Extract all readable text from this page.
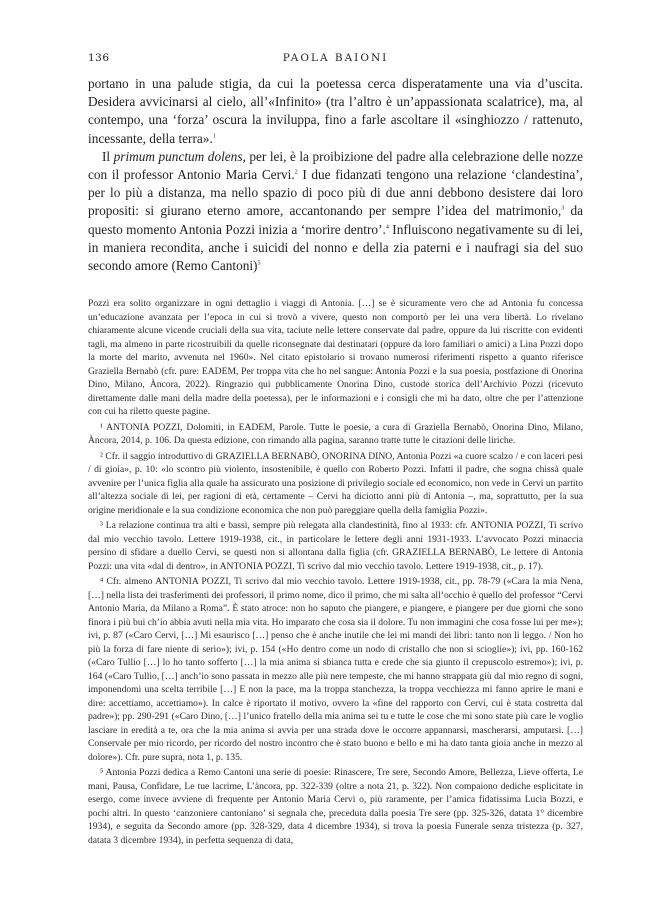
136	PAOLA BAIONI

portano in una palude stigia, da cui la poetessa cerca disperatamente una via d’uscita. Desidera avvicinarsi al cielo, all’«Infinito» (tra l’altro è un’appassionata scalatrice), ma, al contempo, una ‘forza’ oscura la inviluppa, fino a farle ascoltare il «singhiozzo / rattenuto, incessante, della terra».$^1$

Il primum punctum dolens, per lei, è la proibizione del padre alla celebrazione delle nozze con il professor Antonio Maria Cervi.$^2$ I due fidanzati tengono una relazione ‘clandestina’, per lo più a distanza, ma nello spazio di poco più di due anni debbono desistere dai loro propositi: si giurano eterno amore, accantonando per sempre l’idea del matrimonio,$^3$ da questo momento Antonia Pozzi inizia a ‘morire dentro’.$^4$ Influiscono negativamente su di lei, in maniera recondita, anche i suicidi del nonno e della zia paterni e i naufragi sia del suo secondo amore (Remo Cantoni)$^5$

Pozzi era solito organizzare in ogni dettaglio i viaggi di Antonia. […] se è sicuramente vero che ad Antonia fu concessa un’educazione avanzata per l’epoca in cui si trovò a vivere, questo non comportò per lei una vera libertà. Lo rivelano chiaramente alcune vicende cruciali della sua vita, taciute nelle lettere conservate dal padre, oppure da lui riscritte con evidenti tagli, ma almeno in parte ricostruibili da quelle riconsegnate dai destinatari (oppure da loro familiari o amici) a Lina Pozzi dopo la morte del marito, avvenuta nel 1960». Nel citato epistolario si trovano numerosi riferimenti rispetto a quanto riferisce Graziella Bernabò (cfr. pure: EADEM, Per troppa vita che ho nel sangue: Antonia Pozzi e la sua poesia, postfazione di Onorina Dino, Milano, Àncora, 2022). Ringrazio qui pubblicamente Onorina Dino, custode storica dell’Archivio Pozzi (ricevuto direttamente dalle mani della madre della poetessa), per le informazioni e i consigli che mi ha dato, oltre che per l’attenzione con cui ha riletto queste pagine.

¹ ANTONIA POZZI, Dolomiti, in EADEM, Parole. Tutte le poesie, a cura di Graziella Bernabò, Onorina Dino, Milano, Àncora, 2014, p. 106. Da questa edizione, con rimando alla pagina, saranno tratte tutte le citazioni delle liriche.

² Cfr. il saggio introduttivo di GRAZIELLA BERNABÒ, ONORINA DINO, Antonia Pozzi «a cuore scalzo / e con laceri pesi / di gioia», p. 10: «lo scontro più violento, insostenibile, è quello con Roberto Pozzi. Infatti il padre, che sogna chissà quale avvenire per l’unica figlia alla quale ha assicurato una posizione di privilegio sociale ed economico, non vede in Cervi un partito all’altezza sociale di lei, per ragioni di età, certamente – Cervi ha diciotto anni più di Antonia –, ma, soprattutto, per la sua origine meridionale e la sua condizione economica che non può pareggiare quella della famiglia Pozzi».

³ La relazione continua tra alti e bassi, sempre più relegata alla clandestinità, fino al 1933: cfr. ANTONIA POZZI, Ti scrivo dal mio vecchio tavolo. Lettere 1919-1938, cit., in particolare le lettere degli anni 1931-1933. L’avvocato Pozzi minaccia persino di sfidare a duello Cervi, se questi non si allontana dalla figlia (cfr. GRAZIELLA BERNABÒ, Le lettere di Antonia Pozzi: una vita «dal di dentro», in ANTONIA POZZI, Ti scrivo dal mio vecchio tavolo. Lettere 1919-1938, cit., p. 17).

⁴ Cfr. almeno ANTONIA POZZI, Ti scrivo dal mio vecchio tavolo. Lettere 1919-1938, cit., pp. 78-79 («Cara la mia Nena, […] nella lista dei trasferimenti dei professori, il primo nome, dico il primo, che mi salta all’occhio è quello del professor “Cervi Antonio Maria, da Milano a Roma”. È stato atroce: non ho saputo che piangere, e piangere, e piangere per due giorni che sono finora i più bui ch’io abbia avuti nella mia vita. Ho imparato che cosa sia il dolore. Tu non immagini che cosa fosse lui per me»); ivi, p. 87 («Caro Cervi, […] Mi esaurisco […] penso che è anche inutile che lei mi mandi dei libri: tanto non li leggo. / Non ho più la forza di fare niente di serio»); ivi, p. 154 («Ho dentro come un nodo di cristallo che non si scioglie»); ivi, pp. 160-162 («Caro Tullio […] lo ho tanto sofferto […] la mia anima si sbianca tutta e crede che sia giunto il crepuscolo estremo»); ivi, p. 164 («Caro Tullio, […] anch’io sono passata in mezzo alle più nere tempeste, che mi hanno strappata giù dal mio regno di sogni, imponendomi una scelta terribile […] E non la pace, ma la troppa stanchezza, la troppa vecchiezza mi fanno aprire le mani e dire: accettiamo, accettiamo»). In calce è riportato il motivo, ovvero la «fine del rapporto con Cervi, cui è stata costretta dal padre»); pp. 290-291 («Caro Dino, […] l’unico fratello della mia anima sei tu e tutte le cose che mi sono state più care le voglio lasciare in eredità a te, ora che la mia anima si avvia per una strada dove le occorre appannarsi, mascherarsi, amputarsi. […] Conservale per mio ricordo, per ricordo del nostro incontro che è stato buono e bello e mi ha dato tanta gioia anche in mezzo al dolore»). Cfr. pure supra, nota 1, p. 135.

⁵ Antonia Pozzi dedica a Remo Cantoni una serie di poesie: Rinascere, Tre sere, Secondo Amore, Bellezza, Lieve offerta, Le mani, Pausa, Confidare, Le tue lacrime, L’àncora, pp. 322-339 (oltre a nota 21, p. 322). Non compaiono dediche esplicitate in esergo, come invece avviene di frequente per Antonio Maria Cervi o, più raramente, per l’amica fidatissima Lucia Bozzi, e pochi altri. In questo ‘canzoniere cantoniano’ si segnala che, preceduta dalla poesia Tre sere (pp. 325-326, datata 1° dicembre 1934), e seguita da Secondo amore (pp. 328-329, data 4 dicembre 1934), si trova la poesia Funerale senza tristezza (p. 327, datata 3 dicembre 1934), in perfetta sequenza di data,
